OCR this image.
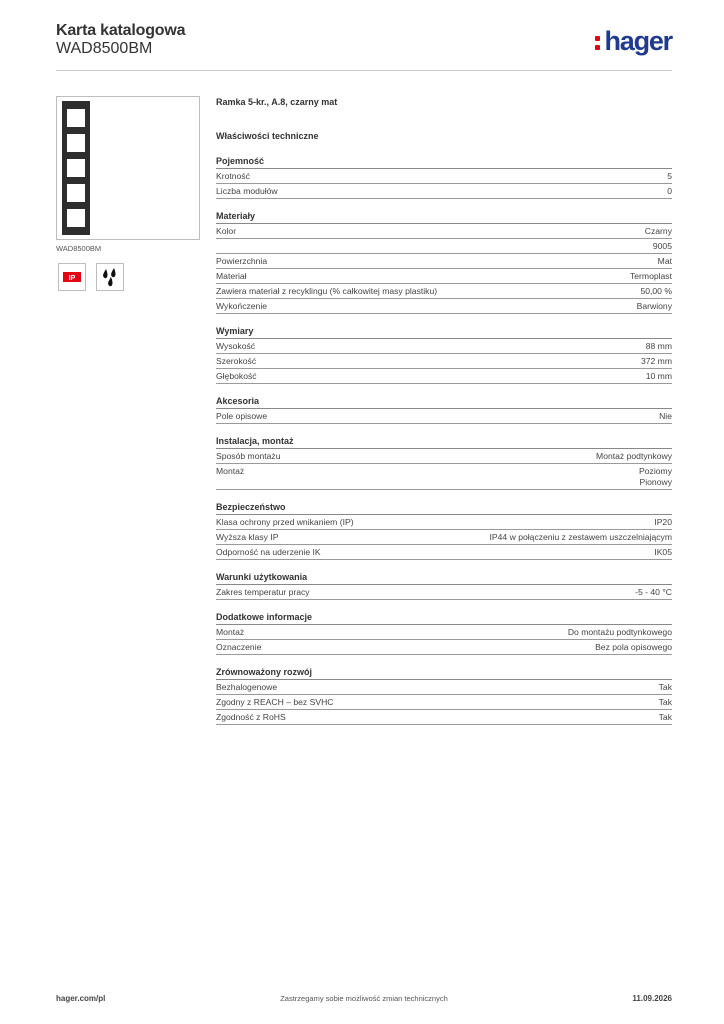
Karta katalogowa
WAD8500BM	hager
WAD8500BM
IP
Ramka 5-kr., A.8, czarny mat
Właściwości techniczne
Pojemność
Krotność	5
Liczba modułów	0
Materiały
Kolor	Czarny
9005
Powierzchnia	Mat
Materiał	Termoplast
Zawiera materiał z recyklingu (% całkowitej masy plastiku)	50,00 %
Wykończenie	Barwiony
Wymiary
Wysokość	88 mm
Szerokość	372 mm
Głębokość	10 mm
Akcesoria
Pole opisowe	Nie
Instalacja, montaż
Sposób montażu	Montaż podtynkowy
Montaż	Poziomy
Pionowy
Bezpieczeństwo
Klasa ochrony przed wnikaniem (IP)	IP20
Wyższa klasy IP	IP44 w połączeniu z zestawem uszczelniającym
Odporność na uderzenie IK	IK05
Warunki użytkowania
Zakres temperatur pracy	-5 - 40 °C
Dodatkowe informacje
Montaż	Do montażu podtynkowego
Oznaczenie	Bez pola opisowego
Zrównoważony rozwój
Bezhalogenowe	Tak
Zgodny z REACH – bez SVHC	Tak
Zgodność z RoHS	Tak
Zastrzegamy sobie możliwość zmian technicznych
hager.com/pl	11.09.2026
